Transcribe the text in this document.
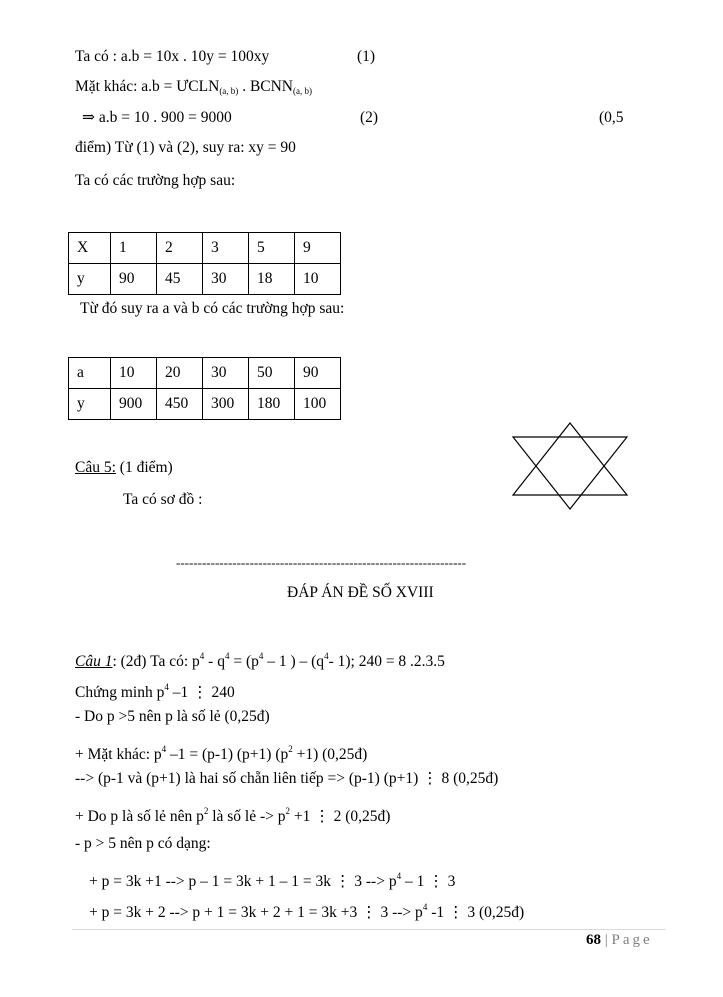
Ta có : a.b = 10x . 10y = 100xy	(1)
Mặt khác: $a.b = ƯCLN_{(a, b)}$ . $BCNN_{(a, b)}$
⇒ a.b = 10 . 900 = 9000	(2)	(0,5
điểm) Từ (1) và (2), suy ra: xy = 90
Ta có các trường hợp sau:
X	1	2	3	5	9
y	90	45	30	18	10
Từ đó suy ra a và b có các trường hợp sau:
a	10	20	30	50	90
y	900	450	300	180	100
Câu 5: (1 điểm)
Ta có sơ đồ :
-------------------------------------------------------------------
ĐÁP ÁN ĐỀ SỐ XVIII
Câu 1: (2đ) Ta có: $p^4 - q^4 = (p^4 - 1$ ) – ($q^4-$ 1); 240 = 8 .2.3.5
Chứng minh $p^4$ –1 ⋮ 240
- Do p >5 nên p là số lẻ (0,25đ)
+ Mặt khác: $p^4$ –1 = (p-1) (p+1) $(p^2 +1)$ (0,25đ)
--> (p-1 và (p+1) là hai số chẵn liên tiếp => (p-1) (p+1) ⋮ 8 (0,25đ)
+ Do p là số lẻ nên $p^2$ là số lẻ -> $p^2 +1$ ⋮ 2 (0,25đ)
- p > 5 nên p có dạng:
+ p = 3k +1 --> p – 1 = 3k + 1 – 1 = 3k ⋮ 3 --> $p^4 - 1$ ⋮ 3
+ p = 3k + 2 --> p + 1 = 3k + 2 + 1 = 3k +3 ⋮ 3 --> $p^4$ -1 ⋮ 3 (0,25đ)
68 | Page
